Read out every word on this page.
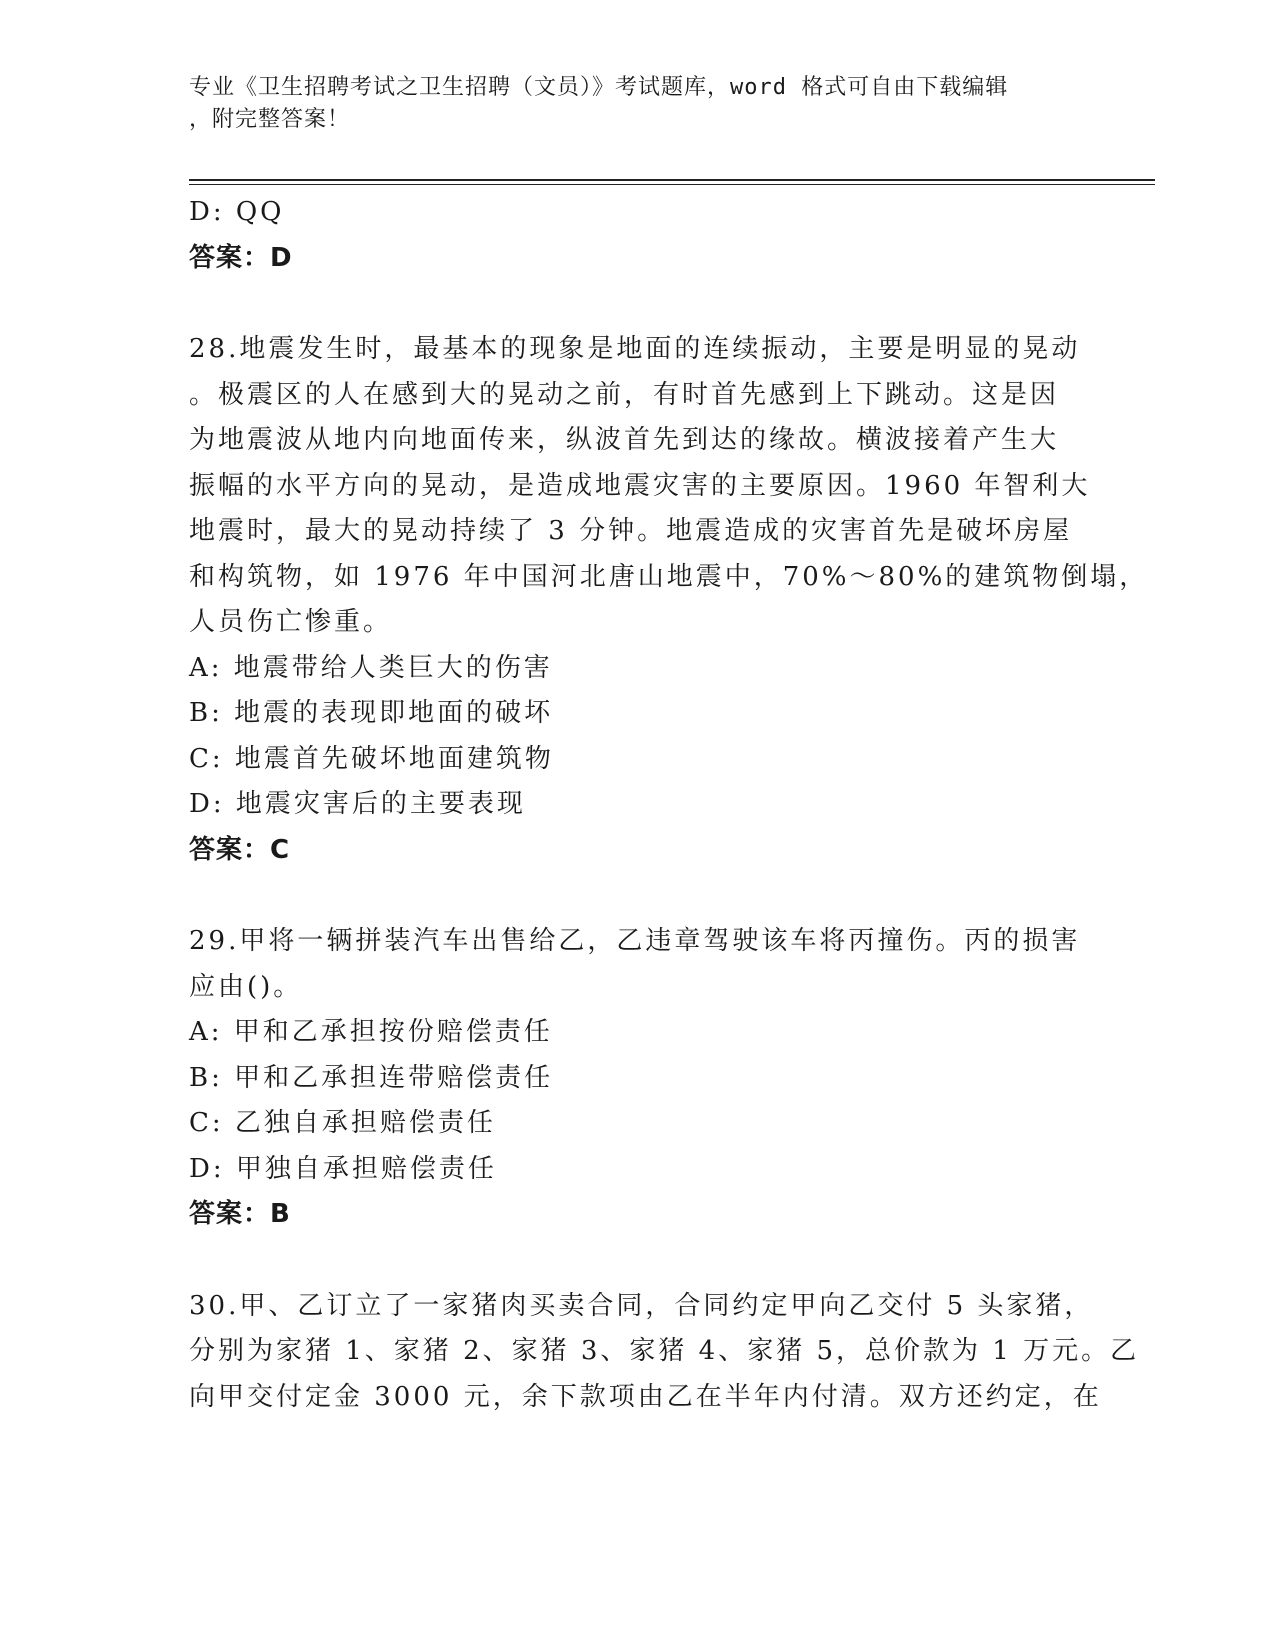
专业《卫生招聘考试之卫生招聘（文员）》考试题库，word 格式可自由下载编辑
，附完整答案！
D: QQ
答案：D
28.地震发生时，最基本的现象是地面的连续振动，主要是明显的晃动
。极震区的人在感到大的晃动之前，有时首先感到上下跳动。这是因
为地震波从地内向地面传来，纵波首先到达的缘故。横波接着产生大
振幅的水平方向的晃动，是造成地震灾害的主要原因。1960 年智利大
地震时，最大的晃动持续了 3 分钟。地震造成的灾害首先是破坏房屋
和构筑物，如 1976 年中国河北唐山地震中，70%～80%的建筑物倒塌，
人员伤亡惨重。
A: 地震带给人类巨大的伤害
B: 地震的表现即地面的破坏
C: 地震首先破坏地面建筑物
D: 地震灾害后的主要表现
答案：C
29.甲将一辆拼装汽车出售给乙，乙违章驾驶该车将丙撞伤。丙的损害
应由()。
A: 甲和乙承担按份赔偿责任
B: 甲和乙承担连带赔偿责任
C: 乙独自承担赔偿责任
D: 甲独自承担赔偿责任
答案：B
30.甲、乙订立了一家猪肉买卖合同，合同约定甲向乙交付 5 头家猪，
分别为家猪 1、家猪 2、家猪 3、家猪 4、家猪 5，总价款为 1 万元。乙
向甲交付定金 3000 元，余下款项由乙在半年内付清。双方还约定，在
